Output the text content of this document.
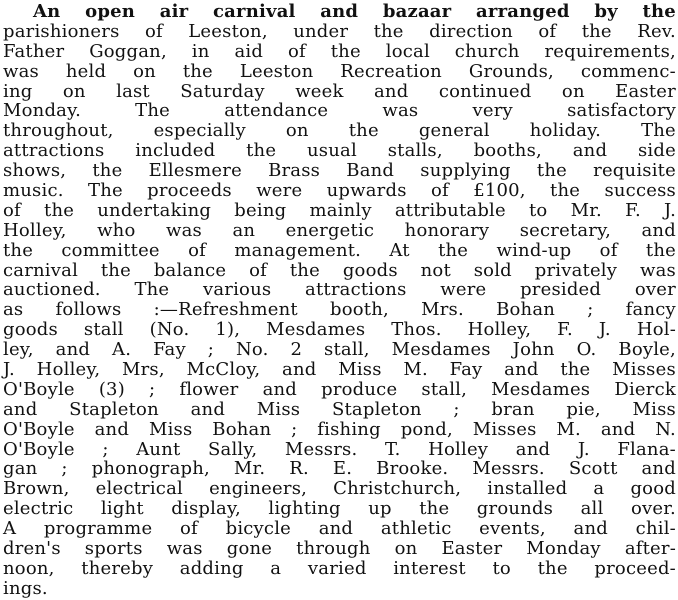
An open air carnival and bazaar arranged by the
parishioners of Leeston, under the direction of the Rev.
Father Goggan, in aid of the local church requirements,
was held on the Leeston Recreation Grounds, commenc-
ing on last Saturday week and continued on Easter
Monday.	The	attendance	was	very	satisfactory
throughout, especially on the general holiday. The
attractions included the usual stalls, booths, and side
shows, the Ellesmere Brass Band supplying the requisite
music. The proceeds were upwards of £100, the success
of the undertaking being mainly attributable to Mr. F. J.
Holley, who was an energetic honorary secretary, and
the committee of management. At the wind-up of the
carnival the balance of the goods not sold privately was
auctioned. The various attractions were presided over
as follows :—Refreshment booth, Mrs. Bohan ; fancy
goods stall (No. 1), Mesdames Thos. Holley, F. J. Hol-
ley, and A. Fay ; No. 2 stall, Mesdames John O. Boyle,
J. Holley, Mrs, McCloy, and Miss M. Fay and the Misses
O'Boyle (3) ; flower and produce stall, Mesdames Dierck
and Stapleton and Miss Stapleton ; bran pie, Miss
O'Boyle and Miss Bohan ; fishing pond, Misses M. and N.
O'Boyle ; Aunt Sally, Messrs. T. Holley and J. Flana-
gan ; phonograph, Mr. R. E. Brooke. Messrs. Scott and
Brown, electrical engineers, Christchurch, installed a good
electric light display, lighting up the grounds all over.
A programme of bicycle and athletic events, and chil-
dren's sports was gone through on Easter Monday after-
noon, thereby adding a varied interest to the proceed-
ings.
